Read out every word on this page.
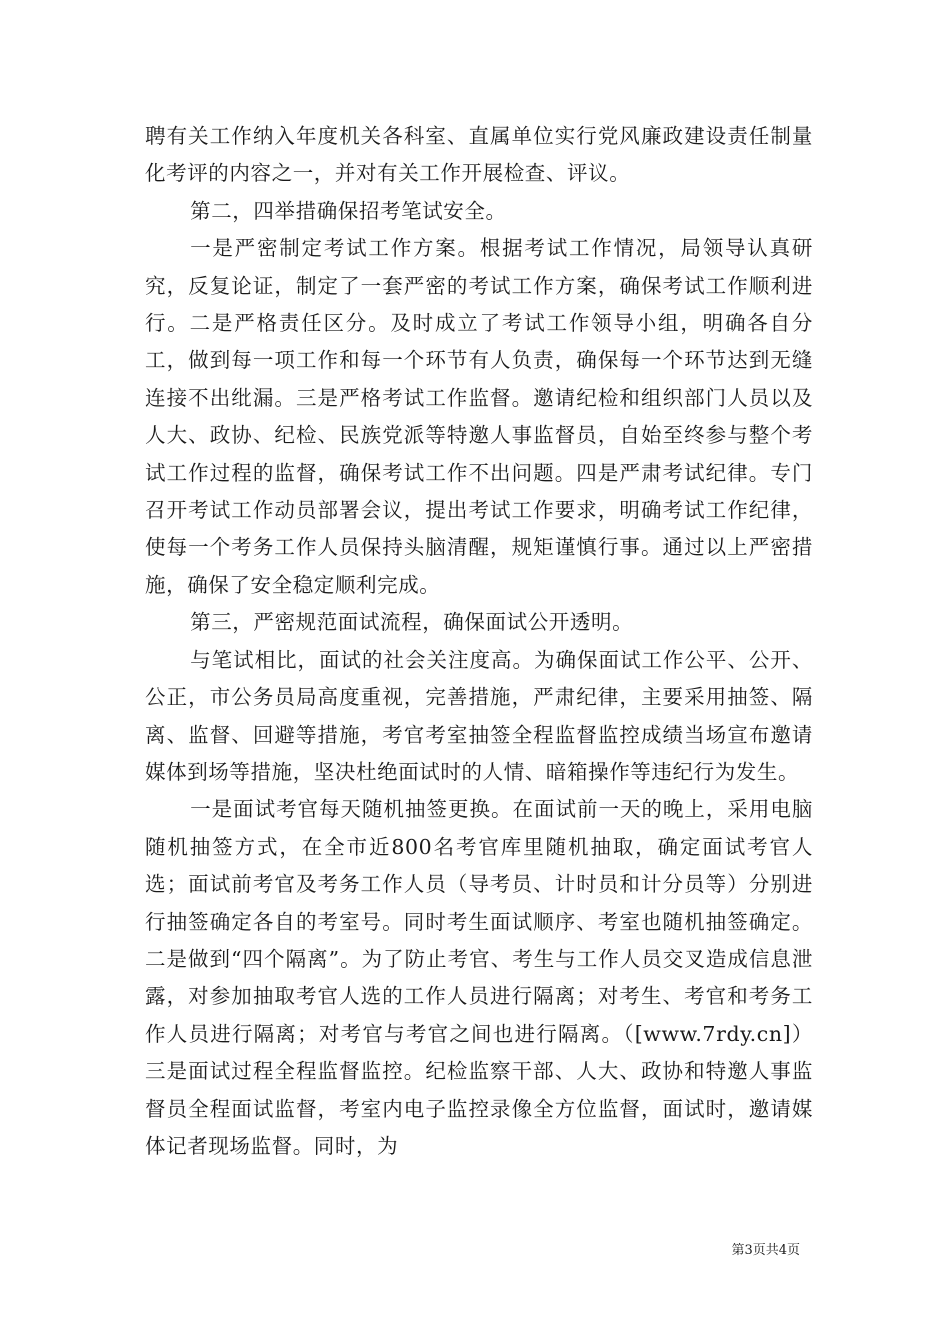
聘有关工作纳入年度机关各科室、直属单位实行党风廉政建设责任制量化考评的内容之一，并对有关工作开展检查、评议。

第二，四举措确保招考笔试安全。

一是严密制定考试工作方案。根据考试工作情况，局领导认真研究，反复论证，制定了一套严密的考试工作方案，确保考试工作顺利进行。二是严格责任区分。及时成立了考试工作领导小组，明确各自分工，做到每一项工作和每一个环节有人负责，确保每一个环节达到无缝连接不出纰漏。三是严格考试工作监督。邀请纪检和组织部门人员以及人大、政协、纪检、民族党派等特邀人事监督员，自始至终参与整个考试工作过程的监督，确保考试工作不出问题。四是严肃考试纪律。专门召开考试工作动员部署会议，提出考试工作要求，明确考试工作纪律，使每一个考务工作人员保持头脑清醒，规矩谨慎行事。通过以上严密措施，确保了安全稳定顺利完成。

第三，严密规范面试流程，确保面试公开透明。

与笔试相比，面试的社会关注度高。为确保面试工作公平、公开、公正，市公务员局高度重视，完善措施，严肃纪律，主要采用抽签、隔离、监督、回避等措施，考官考室抽签全程监督监控成绩当场宣布邀请媒体到场等措施，坚决杜绝面试时的人情、暗箱操作等违纪行为发生。

一是面试考官每天随机抽签更换。在面试前一天的晚上，采用电脑随机抽签方式，在全市近800名考官库里随机抽取，确定面试考官人选；面试前考官及考务工作人员（导考员、计时员和计分员等）分别进行抽签确定各自的考室号。同时考生面试顺序、考室也随机抽签确定。二是做到“四个隔离”。为了防止考官、考生与工作人员交叉造成信息泄露，对参加抽取考官人选的工作人员进行隔离；对考生、考官和考务工作人员进行隔离；对考官与考官之间也进行隔离。（[www.7rdy.cn]）三是面试过程全程监督监控。纪检监察干部、人大、政协和特邀人事监督员全程面试监督，考室内电子监控录像全方位监督，面试时，邀请媒体记者现场监督。同时，为

第3页共4页
